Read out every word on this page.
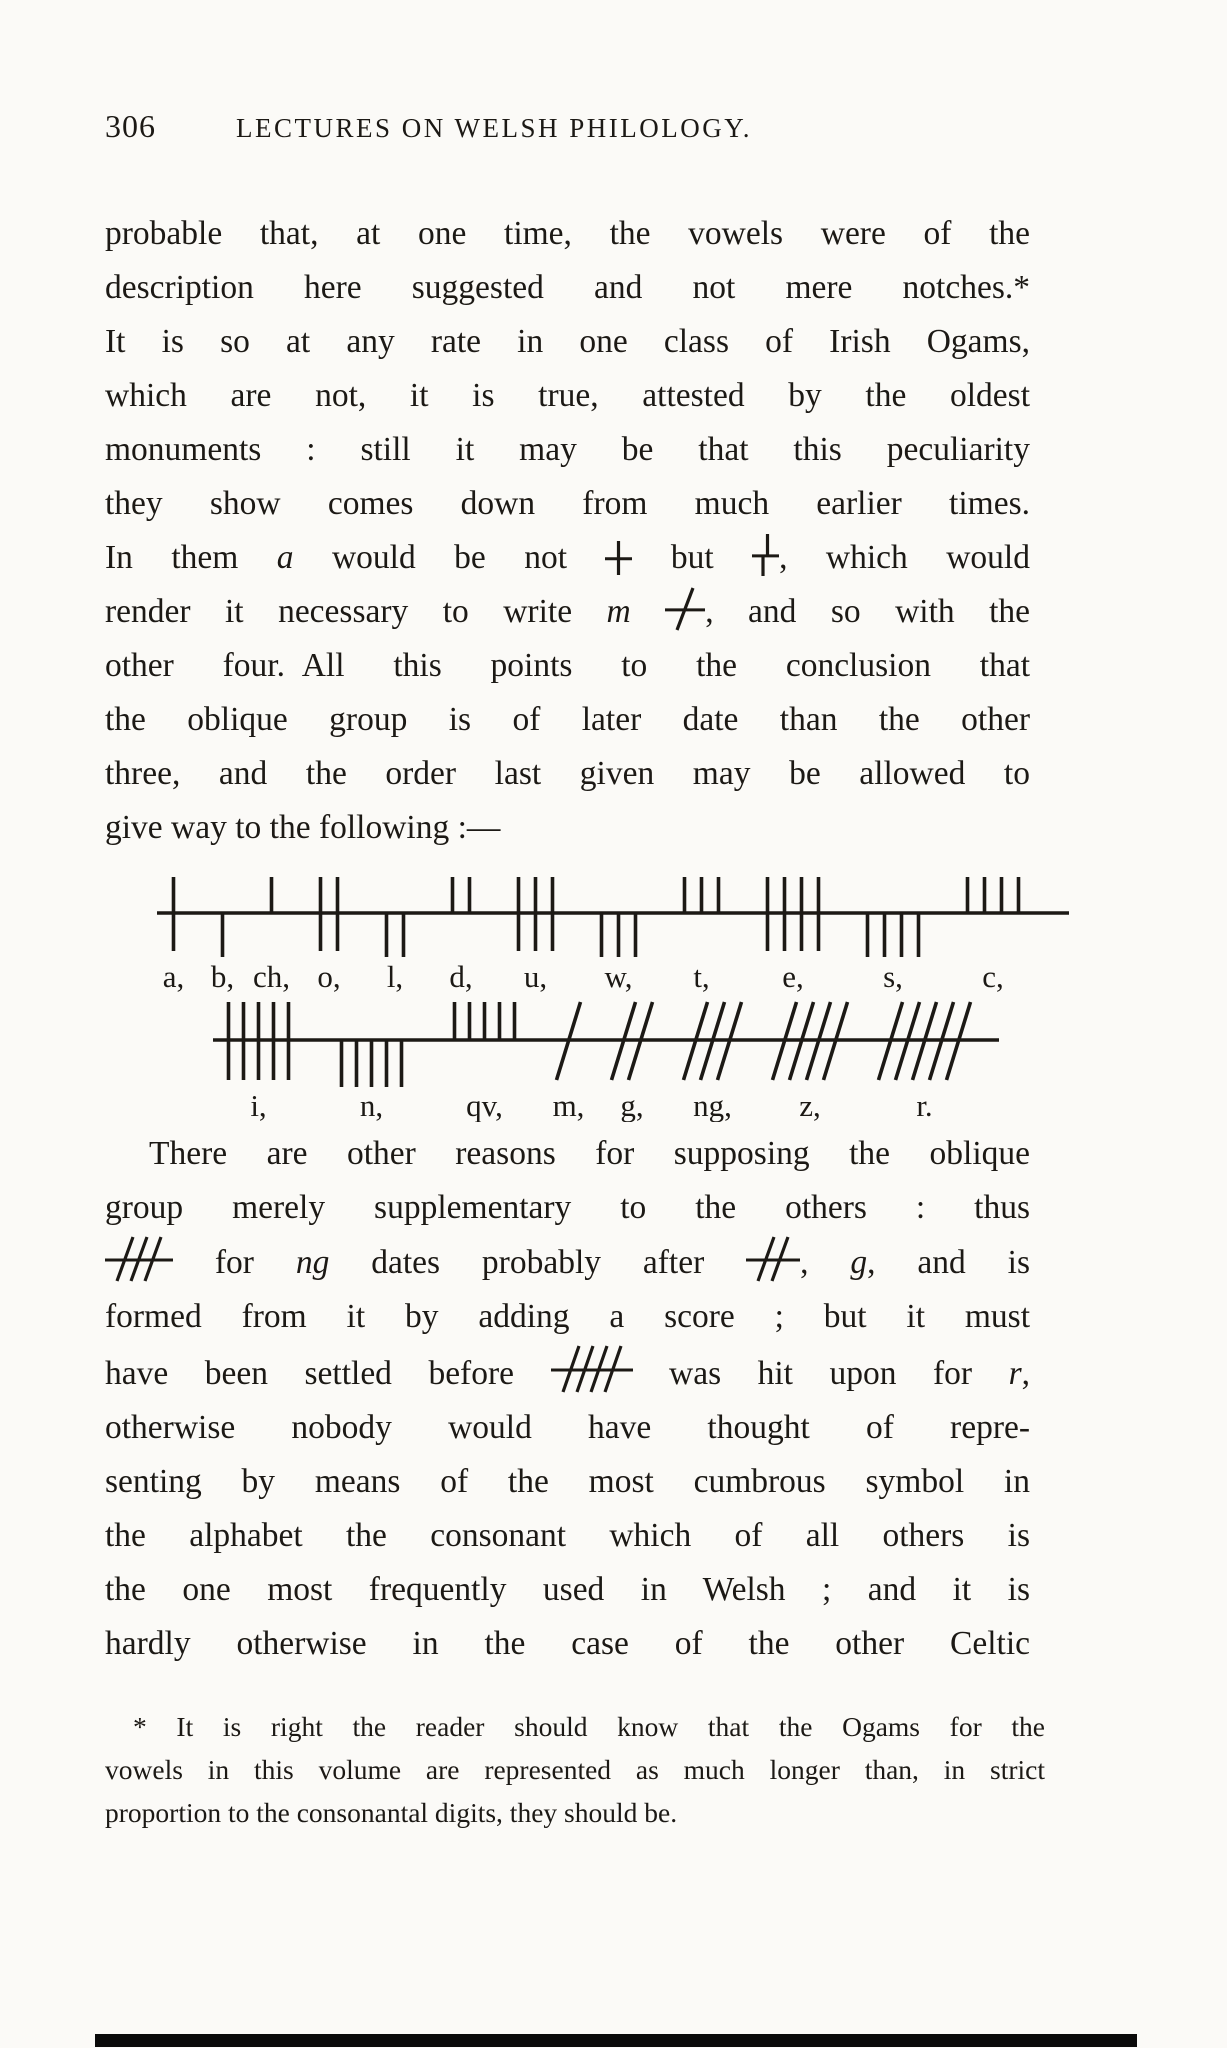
306	LECTURES ON WELSH PHILOLOGY.
probable that, at one time, the vowels were of the
description here suggested and not mere notches.*
It is so at any rate in one class of Irish Ogams,
which are not, it is true, attested by the oldest
monuments : still it may be that this peculiarity
they show comes down from much earlier times.
In them a would be not  but , which would
render it necessary to write m , and so with the
other four. All this points to the conclusion that
the oblique group is of later date than the other
three, and the order last given may be allowed to
give way to the following :—
a, b, ch, o, l, d, u, w, t, e,	s,	c,
i,	n,	qv, m, g, ng, z,	r.
There are other reasons for supposing the oblique
group merely supplementary to the others : thus
for ng dates probably after , g, and is
formed from it by adding a score ; but it must
have been settled before  was hit upon for r,
otherwise nobody would have thought of repre-
senting by means of the most cumbrous symbol in
the alphabet the consonant which of all others is
the one most frequently used in Welsh ; and it is
hardly otherwise in the case of the other Celtic
* It is right the reader should know that the Ogams for the
vowels in this volume are represented as much longer than, in strict
proportion to the consonantal digits, they should be.
